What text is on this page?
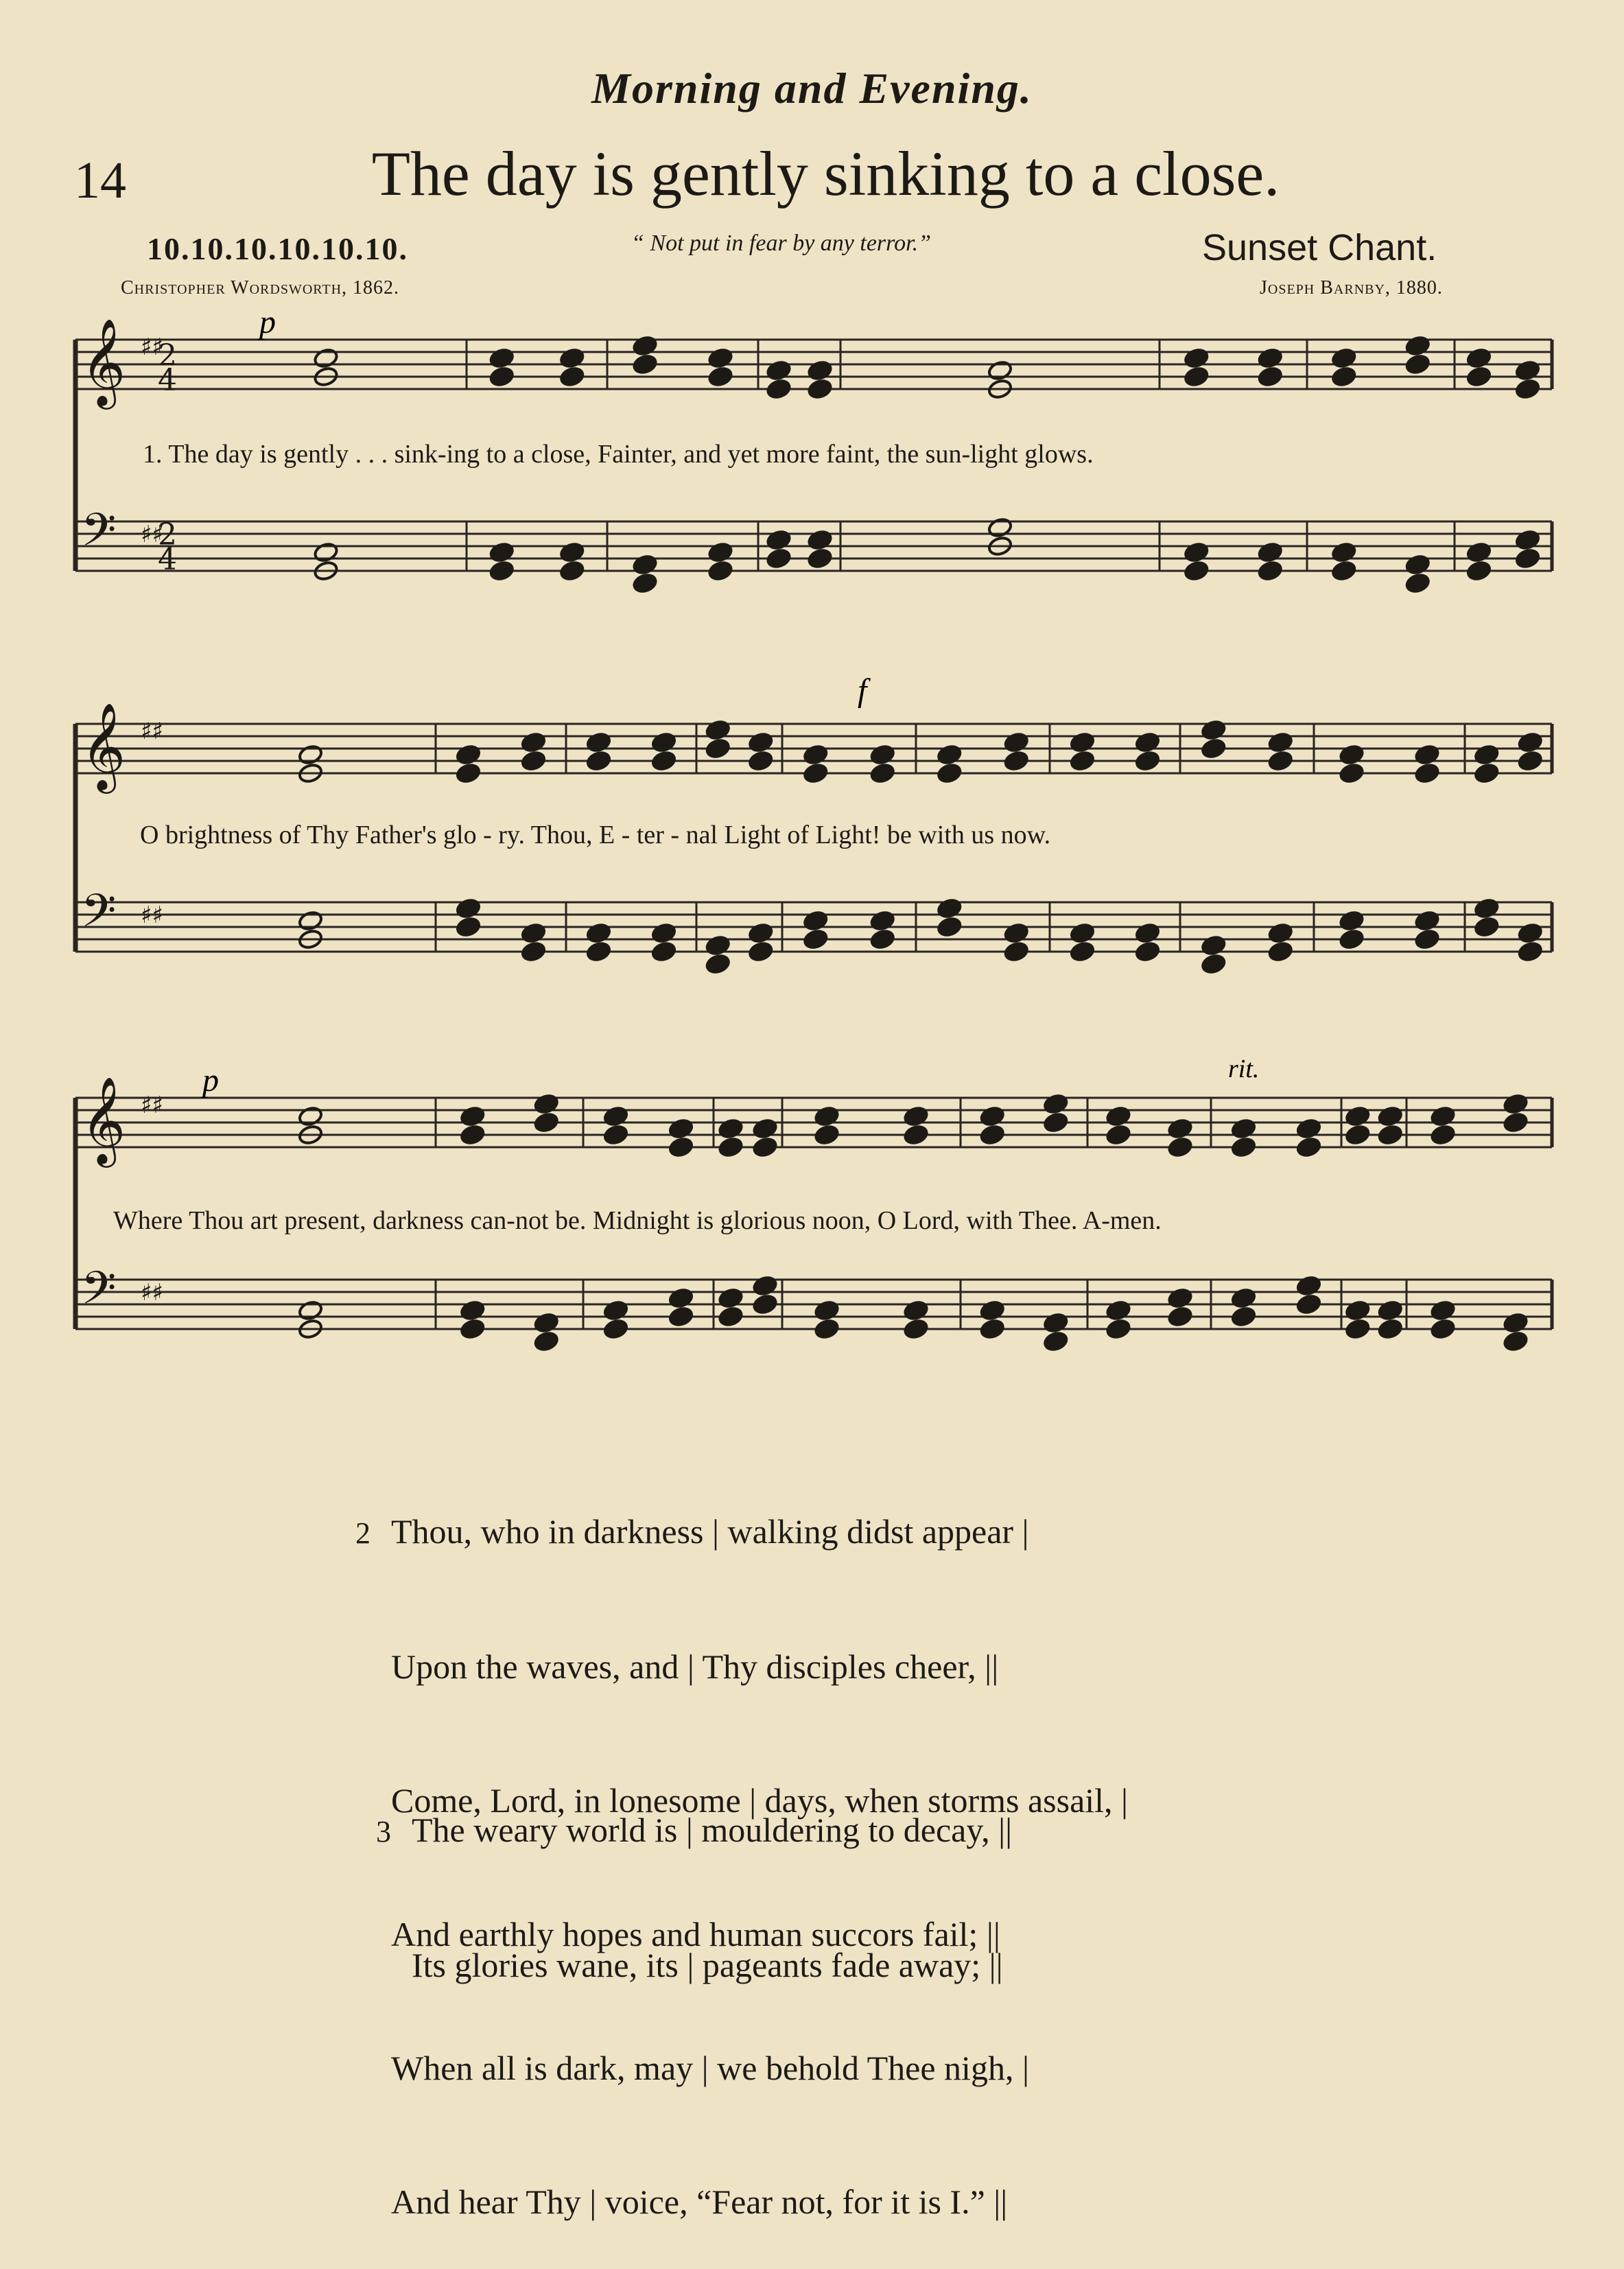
Morning and Evening.
14	The day is gently sinking to a close.
10.10.10.10.10.10.	“ Not put in fear by any terror.”	Sunset Chant.
Christopher Wordsworth, 1862.	Joseph Barnby, 1880.
𝄞 ♯♯
𝄢 ♯♯
𝄞 ♯♯
𝄢 ♯♯
𝄞 ♯♯
𝄢 ♯♯
2
4
2
4
p
f
p	rit.
1. The day is gently . . . sink-ing to a close, Fainter, and yet more faint, the sun-light glows.
O brightness of Thy Father's glo - ry. Thou, E - ter - nal Light of Light! be with us now.
Where Thou art present, darkness can-not be. Midnight is glorious noon, O Lord, with Thee. A-men.

2 Thou, who in darkness | walking didst appear |

Upon the waves, and | Thy disciples cheer, ||

Come, Lord, in lonesome | days, when storms assail, |

And earthly hopes and human succors fail; ||

When all is dark, may | we behold Thee nigh, |

And hear Thy | voice, “Fear not, for it is I.” ||

3 The weary world is | mouldering to decay, ||

Its glories wane, its | pageants fade away; ||
